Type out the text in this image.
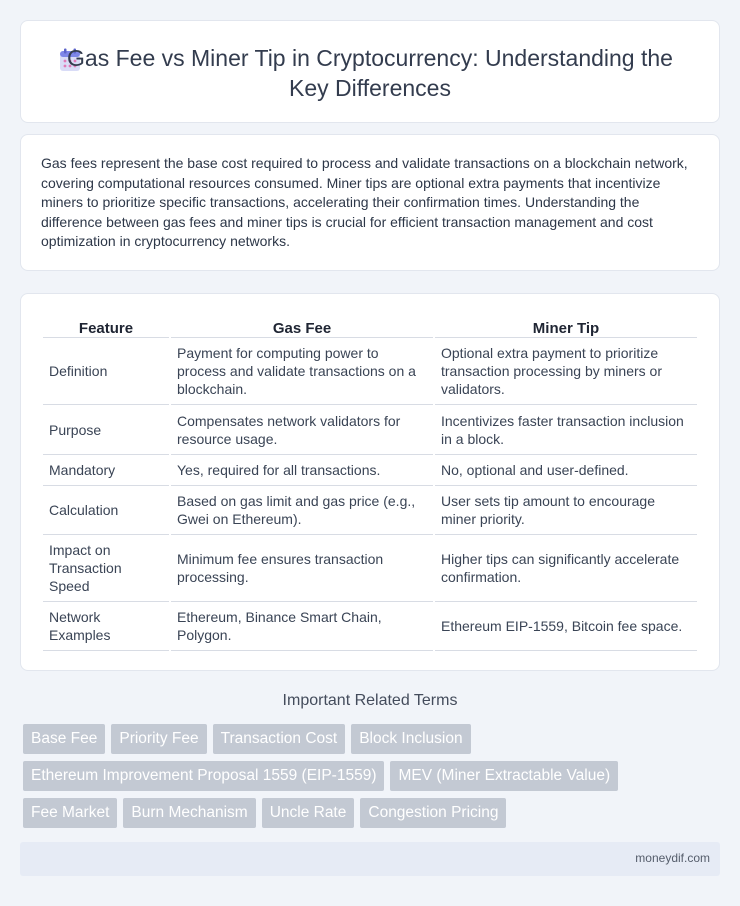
Gas Fee vs Miner Tip in Cryptocurrency: Understanding the Key Differences

Gas fees represent the base cost required to process and validate transactions on a blockchain network, covering computational resources consumed. Miner tips are optional extra payments that incentivize miners to prioritize specific transactions, accelerating their confirmation times. Understanding the difference between gas fees and miner tips is crucial for efficient transaction management and cost optimization in cryptocurrency networks.

Feature	Gas Fee	Miner Tip
Definition	Payment for computing power to process and validate transactions on a blockchain.	Optional extra payment to prioritize transaction processing by miners or validators.
Purpose	Compensates network validators for resource usage.	Incentivizes faster transaction inclusion in a block.
Mandatory	Yes, required for all transactions.	No, optional and user-defined.
Calculation	Based on gas limit and gas price (e.g., Gwei on Ethereum).	User sets tip amount to encourage miner priority.
Impact on Transaction Speed	Minimum fee ensures transaction processing.	Higher tips can significantly accelerate confirmation.
Network Examples	Ethereum, Binance Smart Chain, Polygon.	Ethereum EIP-1559, Bitcoin fee space.
Important Related Terms
Base Fee	Priority Fee	Transaction Cost	Block Inclusion
Ethereum Improvement Proposal 1559 (EIP-1559)	MEV (Miner Extractable Value)
Fee Market	Burn Mechanism	Uncle Rate	Congestion Pricing
moneydif.com
